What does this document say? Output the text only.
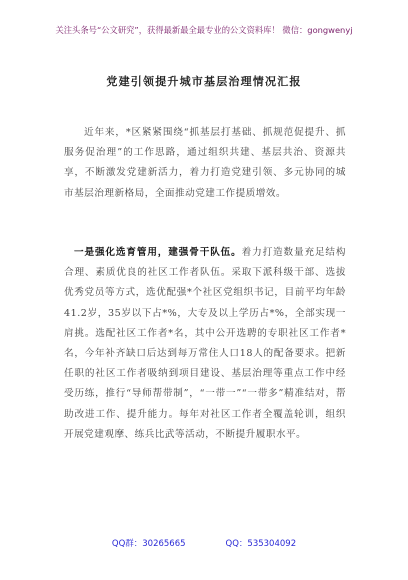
关注头条号“公文研究”，获得最新最全最专业的公文资料库！ 微信：gongwenyj
党建引领提升城市基层治理情况汇报

近年来，*区紧紧围绕“抓基层打基础、抓规范促提升、抓服务促治理”的工作思路，通过组织共建、基层共治、资源共享，不断激发党建新活力，着力打造党建引领、多元协同的城市基层治理新格局，全面推动党建工作提质增效。

一是强化选育管用，建强骨干队伍。着力打造数量充足结构合理、素质优良的社区工作者队伍。采取下派科级干部、选拔优秀党员等方式，选优配强*个社区党组织书记，目前平均年龄41.2岁，35岁以下占*%，大专及以上学历占*%，全部实现一肩挑。选配社区工作者*名，其中公开选聘的专职社区工作者*名，今年补齐缺口后达到每万常住人口18人的配备要求。把新任职的社区工作者吸纳到项目建设、基层治理等重点工作中经受历练，推行“导师帮带制”，“一带一”“一带多”精准结对，帮助改进工作、提升能力。每年对社区工作者全覆盖轮训，组织开展党建观摩、练兵比武等活动，不断提升履职水平。

QQ群：30265665	QQ：535304092
